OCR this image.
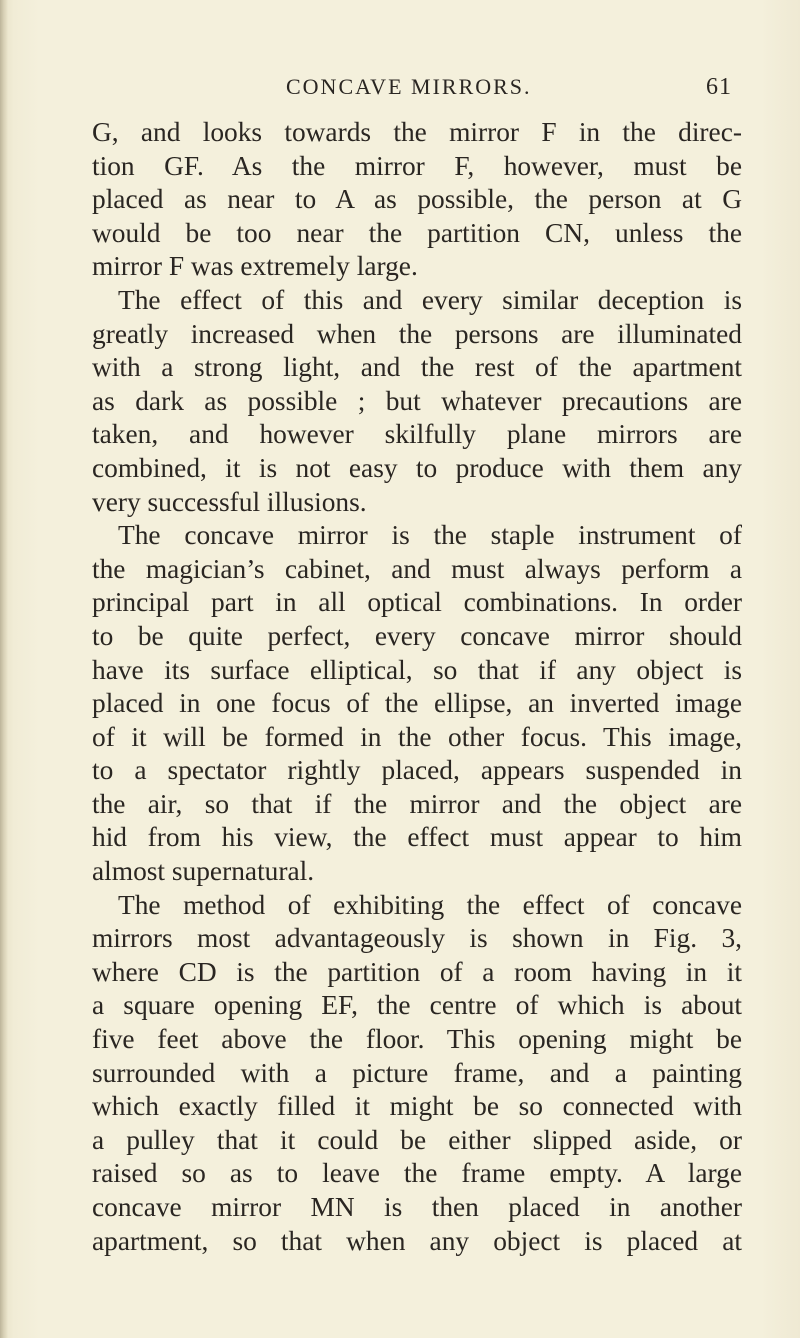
CONCAVE MIRRORS.	61
G, and looks towards the mirror F in the direc-
tion GF. As the mirror F, however, must be
placed as near to A as possible, the person at G
would be too near the partition CN, unless the
mirror F was extremely large.
The effect of this and every similar deception is
greatly increased when the persons are illuminated
with a strong light, and the rest of the apartment
as dark as possible ; but whatever precautions are
taken, and however skilfully plane mirrors are
combined, it is not easy to produce with them any
very successful illusions.
The concave mirror is the staple instrument of
the magician’s cabinet, and must always perform a
principal part in all optical combinations. In order
to be quite perfect, every concave mirror should
have its surface elliptical, so that if any object is
placed in one focus of the ellipse, an inverted image
of it will be formed in the other focus. This image,
to a spectator rightly placed, appears suspended in
the air, so that if the mirror and the object are
hid from his view, the effect must appear to him
almost supernatural.
The method of exhibiting the effect of concave
mirrors most advantageously is shown in Fig. 3,
where CD is the partition of a room having in it
a square opening EF, the centre of which is about
five feet above the floor. This opening might be
surrounded with a picture frame, and a painting
which exactly filled it might be so connected with
a pulley that it could be either slipped aside, or
raised so as to leave the frame empty. A large
concave mirror MN is then placed in another
apartment, so that when any object is placed at
